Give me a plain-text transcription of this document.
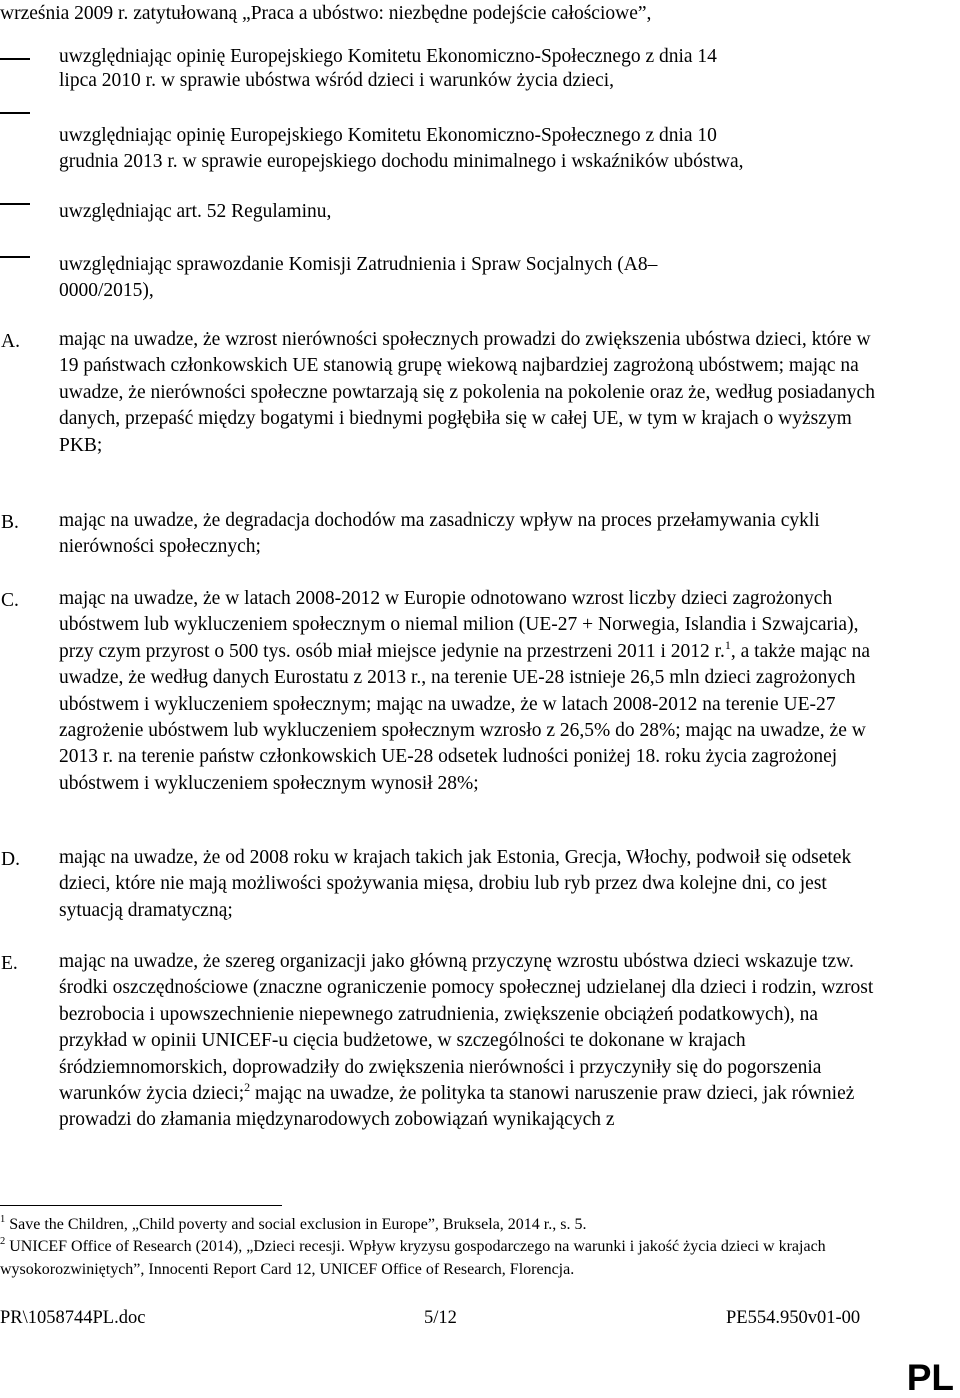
września 2009 r. zatytułowaną „Praca a ubóstwo: niezbędne podejście całościowe”,

uwzględniając opinię Europejskiego Komitetu Ekonomiczno-Społecznego z dnia 14

lipca 2010 r. w sprawie ubóstwa wśród dzieci i warunków życia dzieci,

uwzględniając opinię Europejskiego Komitetu Ekonomiczno-Społecznego z dnia 10

grudnia 2013 r. w sprawie europejskiego dochodu minimalnego i wskaźników ubóstwa,

uwzględniając art. 52 Regulaminu,

uwzględniając sprawozdanie Komisji Zatrudnienia i Spraw Socjalnych (A8–

0000/2015),

A. mając na uwadze, że wzrost nierówności społecznych prowadzi do zwiększenia ubóstwa dzieci, które w 19 państwach członkowskich UE stanowią grupę wiekową najbardziej zagrożoną ubóstwem; mając na uwadze, że nierówności społeczne powtarzają się z pokolenia na pokolenie oraz że, według posiadanych danych, przepaść między bogatymi i biednymi pogłębiła się w całej UE, w tym w krajach o wyższym PKB;

B. mając na uwadze, że degradacja dochodów ma zasadniczy wpływ na proces przełamywania cykli nierówności społecznych;

C. mając na uwadze, że w latach 2008-2012 w Europie odnotowano wzrost liczby dzieci zagrożonych ubóstwem lub wykluczeniem społecznym o niemal milion (UE-27 + Norwegia, Islandia i Szwajcaria), przy czym przyrost o 500 tys. osób miał miejsce jedynie na przestrzeni 2011 i 2012 r.$^1$, a także mając na uwadze, że według danych Eurostatu z 2013 r., na terenie UE-28 istnieje 26,5 mln dzieci zagrożonych ubóstwem i wykluczeniem społecznym; mając na uwadze, że w latach 2008-2012 na terenie UE-27 zagrożenie ubóstwem lub wykluczeniem społecznym wzrosło z 26,5% do 28%; mając na uwadze, że w 2013 r. na terenie państw członkowskich UE-28 odsetek ludności poniżej 18. roku życia zagrożonej ubóstwem i wykluczeniem społecznym wynosił 28%;

D. mając na uwadze, że od 2008 roku w krajach takich jak Estonia, Grecja, Włochy, podwoił się odsetek dzieci, które nie mają możliwości spożywania mięsa, drobiu lub ryb przez dwa kolejne dni, co jest sytuacją dramatyczną;

E. mając na uwadze, że szereg organizacji jako główną przyczynę wzrostu ubóstwa dzieci wskazuje tzw. środki oszczędnościowe (znaczne ograniczenie pomocy społecznej udzielanej dla dzieci i rodzin, wzrost bezrobocia i upowszechnienie niepewnego zatrudnienia, zwiększenie obciążeń podatkowych), na przykład w opinii UNICEF-u cięcia budżetowe, w szczególności te dokonane w krajach śródziemnomorskich, doprowadziły do zwiększenia nierówności i przyczyniły się do pogorszenia warunków życia dzieci;$^2$ mając na uwadze, że polityka ta stanowi naruszenie praw dzieci, jak również prowadzi do złamania międzynarodowych zobowiązań wynikających z

$^1$ Save the Children, „Child poverty and social exclusion in Europe”, Bruksela, 2014 r., s. 5.

$^2$ UNICEF Office of Research (2014), „Dzieci recesji. Wpływ kryzysu gospodarczego na warunki i jakość życia dzieci w krajach wysokorozwiniętych”, Innocenti Report Card 12, UNICEF Office of Research, Florencja.

PR\1058744PL.doc	5/12	PE554.950v01-00

PL
